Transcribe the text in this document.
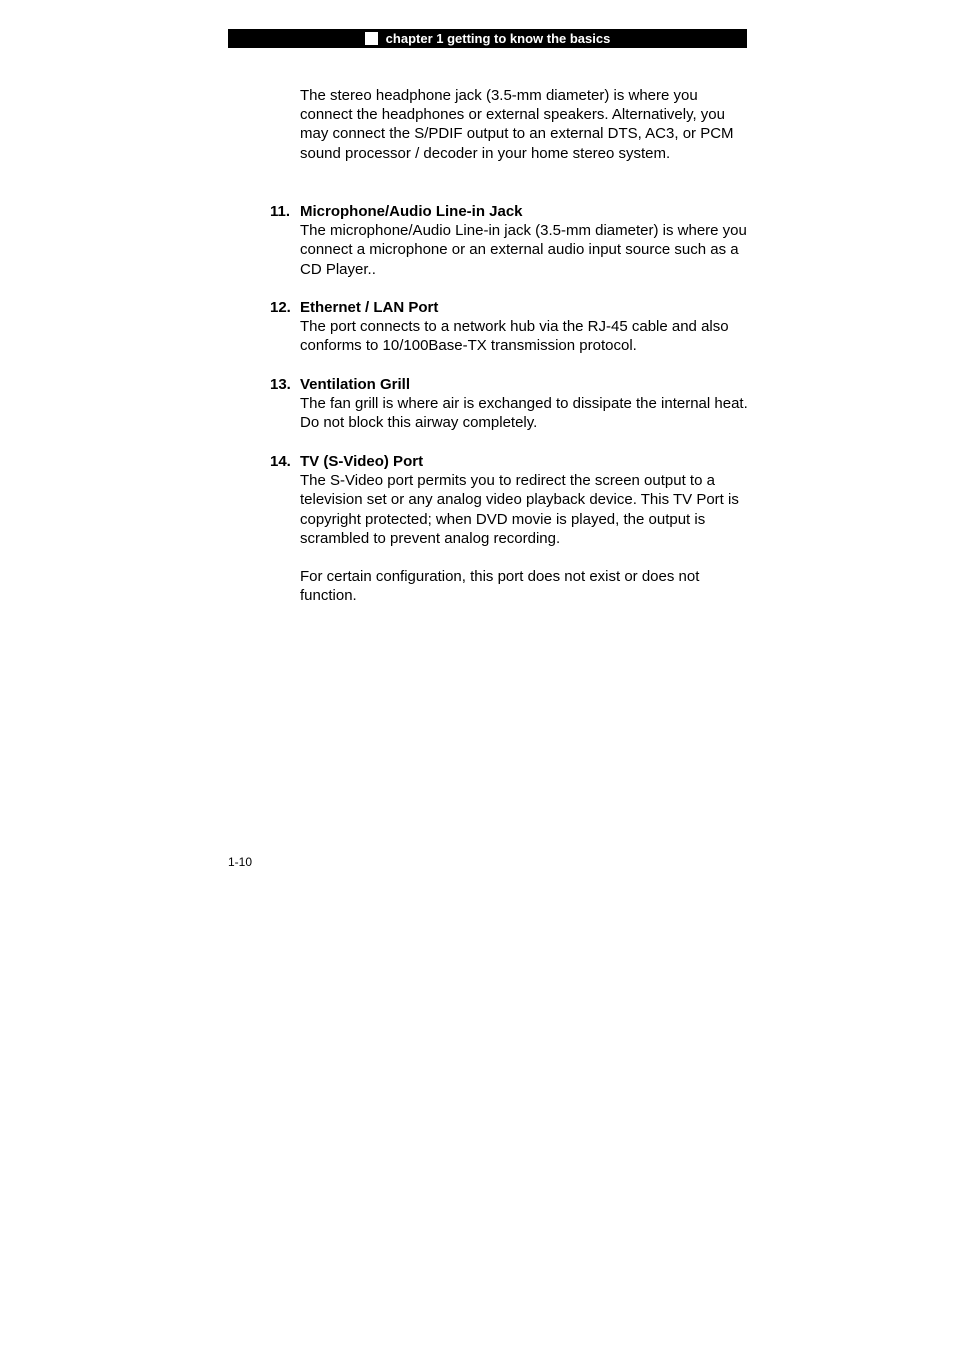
chapter 1 getting to know the basics
The stereo headphone jack (3.5-mm diameter) is where you connect the headphones or external speakers. Alternatively, you may connect the S/PDIF output to an external DTS, AC3, or PCM sound processor / decoder in your home stereo system.
11. Microphone/Audio Line-in Jack
The microphone/Audio Line-in jack (3.5-mm diameter) is where you connect a microphone or an external audio input source such as a CD Player..
12. Ethernet / LAN Port
The port connects to a network hub via the RJ-45 cable and also conforms to 10/100Base-TX transmission protocol.
13. Ventilation Grill
The fan grill is where air is exchanged to dissipate the internal heat. Do not block this airway completely.
14. TV (S-Video) Port
The S-Video port permits you to redirect the screen output to a television set or any analog video playback device. This TV Port is copyright protected; when DVD movie is played, the output is scrambled to prevent analog recording.
For certain configuration, this port does not exist or does not function.
1-10
